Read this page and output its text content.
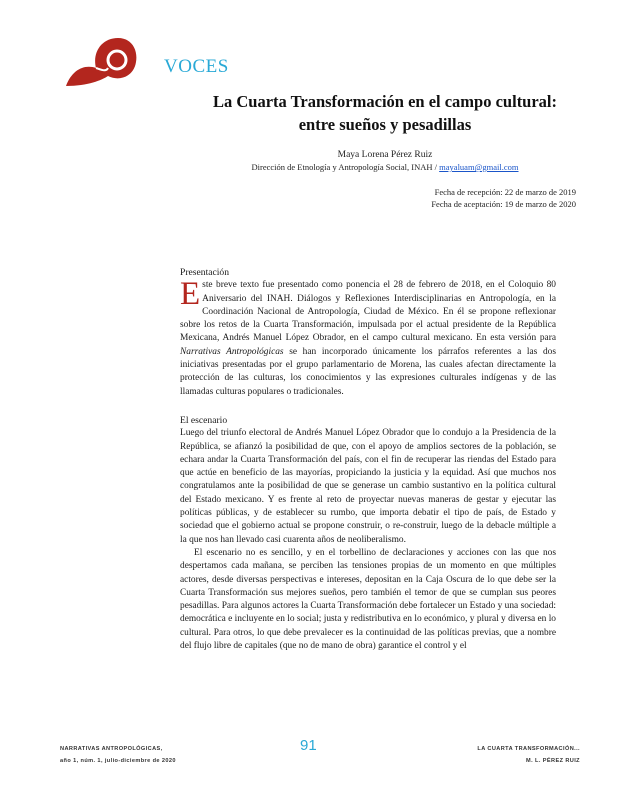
VOCES
La Cuarta Transformación en el campo cultural:
entre sueños y pesadillas
Maya Lorena Pérez Ruiz
Dirección de Etnología y Antropología Social, INAH / mayaluam@gmail.com
Fecha de recepción: 22 de marzo de 2019
Fecha de aceptación: 19 de marzo de 2020
Presentación

Este breve texto fue presentado como ponencia el 28 de febrero de 2018, en el Coloquio 80 Aniversario del INAH. Diálogos y Reflexiones Interdisciplinarias en Antropología, en la Coordinación Nacional de Antropología, Ciudad de México. En él se propone reflexionar sobre los retos de la Cuarta Transformación, impulsada por el actual presidente de la República Mexicana, Andrés Manuel López Obrador, en el campo cultural mexicano. En esta versión para Narrativas Antropológicas se han incorporado únicamente los párrafos referentes a las dos iniciativas presentadas por el grupo parlamentario de Morena, las cuales afectan directamente la protección de las culturas, los conocimientos y las expresiones culturales indígenas y de las llamadas culturas populares o tradicionales.

El escenario

Luego del triunfo electoral de Andrés Manuel López Obrador que lo condujo a la Presidencia de la República, se afianzó la posibilidad de que, con el apoyo de amplios sectores de la población, se echara andar la Cuarta Transformación del país, con el fin de recuperar las riendas del Estado para que actúe en beneficio de las mayorías, propiciando la justicia y la equidad. Así que muchos nos congratulamos ante la posibilidad de que se generase un cambio sustantivo en la política cultural del Estado mexicano. Y es frente al reto de proyectar nuevas maneras de gestar y ejecutar las políticas públicas, y de establecer su rumbo, que importa debatir el tipo de país, de Estado y sociedad que el gobierno actual se propone construir, o re-construir, luego de la debacle múltiple a la que nos han llevado casi cuarenta años de neoliberalismo.

El escenario no es sencillo, y en el torbellino de declaraciones y acciones con las que nos despertamos cada mañana, se perciben las tensiones propias de un momento en que múltiples actores, desde diversas perspectivas e intereses, depositan en la Caja Oscura de lo que debe ser la Cuarta Transformación sus mejores sueños, pero también el temor de que se cumplan sus peores pesadillas. Para algunos actores la Cuarta Transformación debe fortalecer un Estado y una sociedad: democrática e incluyente en lo social; justa y redistributiva en lo económico, y plural y diversa en lo cultural. Para otros, lo que debe prevalecer es la continuidad de las políticas previas, que a nombre del flujo libre de capitales (que no de mano de obra) garantice el control y el

NARRATIVAS ANTROPOLÓGICAS,
año 1, núm. 1, julio-diciembre de 2020
91	LA CUARTA TRANSFORMACIÓN...
M. L. PÉREZ RUIZ
